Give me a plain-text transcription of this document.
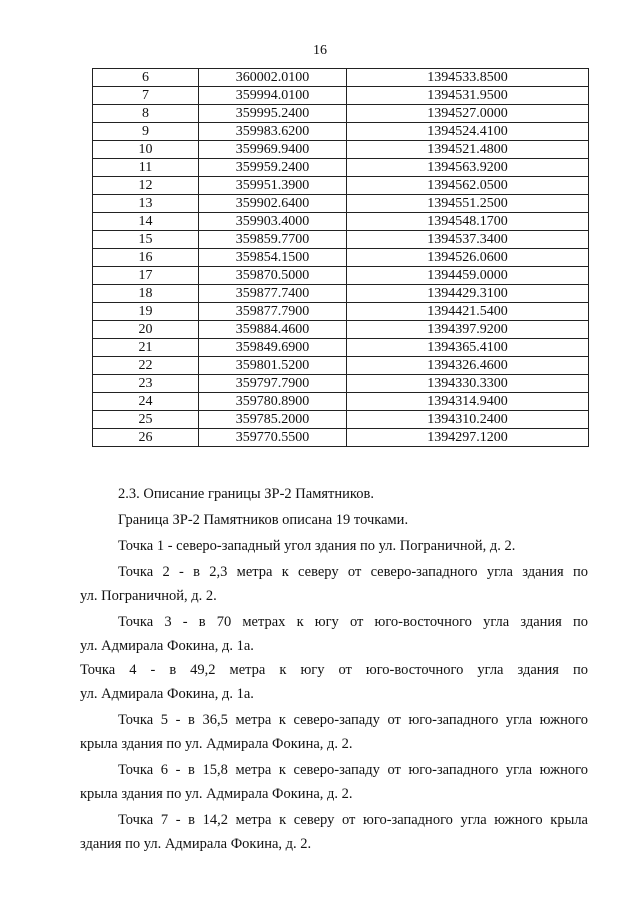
16
6	360002.0100	1394533.8500
7	359994.0100	1394531.9500
8	359995.2400	1394527.0000
9	359983.6200	1394524.4100
10	359969.9400	1394521.4800
11	359959.2400	1394563.9200
12	359951.3900	1394562.0500
13	359902.6400	1394551.2500
14	359903.4000	1394548.1700
15	359859.7700	1394537.3400
16	359854.1500	1394526.0600
17	359870.5000	1394459.0000
18	359877.7400	1394429.3100
19	359877.7900	1394421.5400
20	359884.4600	1394397.9200
21	359849.6900	1394365.4100
22	359801.5200	1394326.4600
23	359797.7900	1394330.3300
24	359780.8900	1394314.9400
25	359785.2000	1394310.2400
26	359770.5500	1394297.1200

2.3. Описание границы ЗР-2 Памятников.

Граница ЗР-2 Памятников описана 19 точками.

Точка 1 - северо-западный угол здания по ул. Пограничной, д. 2.

Точка 2 - в 2,3 метра к северу от северо-западного угла здания по

ул. Пограничной, д. 2.

Точка 3 - в 70 метрах к югу от юго-восточного угла здания по

ул. Адмирала Фокина, д. 1а.

Точка 4 - в 49,2 метра к югу от юго-восточного угла здания по

ул. Адмирала Фокина, д. 1а.

Точка 5 - в 36,5 метра к северо-западу от юго-западного угла южного

крыла здания по ул. Адмирала Фокина, д. 2.

Точка 6 - в 15,8 метра к северо-западу от юго-западного угла южного

крыла здания по ул. Адмирала Фокина, д. 2.

Точка 7 - в 14,2 метра к северу от юго-западного угла южного крыла

здания по ул. Адмирала Фокина, д. 2.
